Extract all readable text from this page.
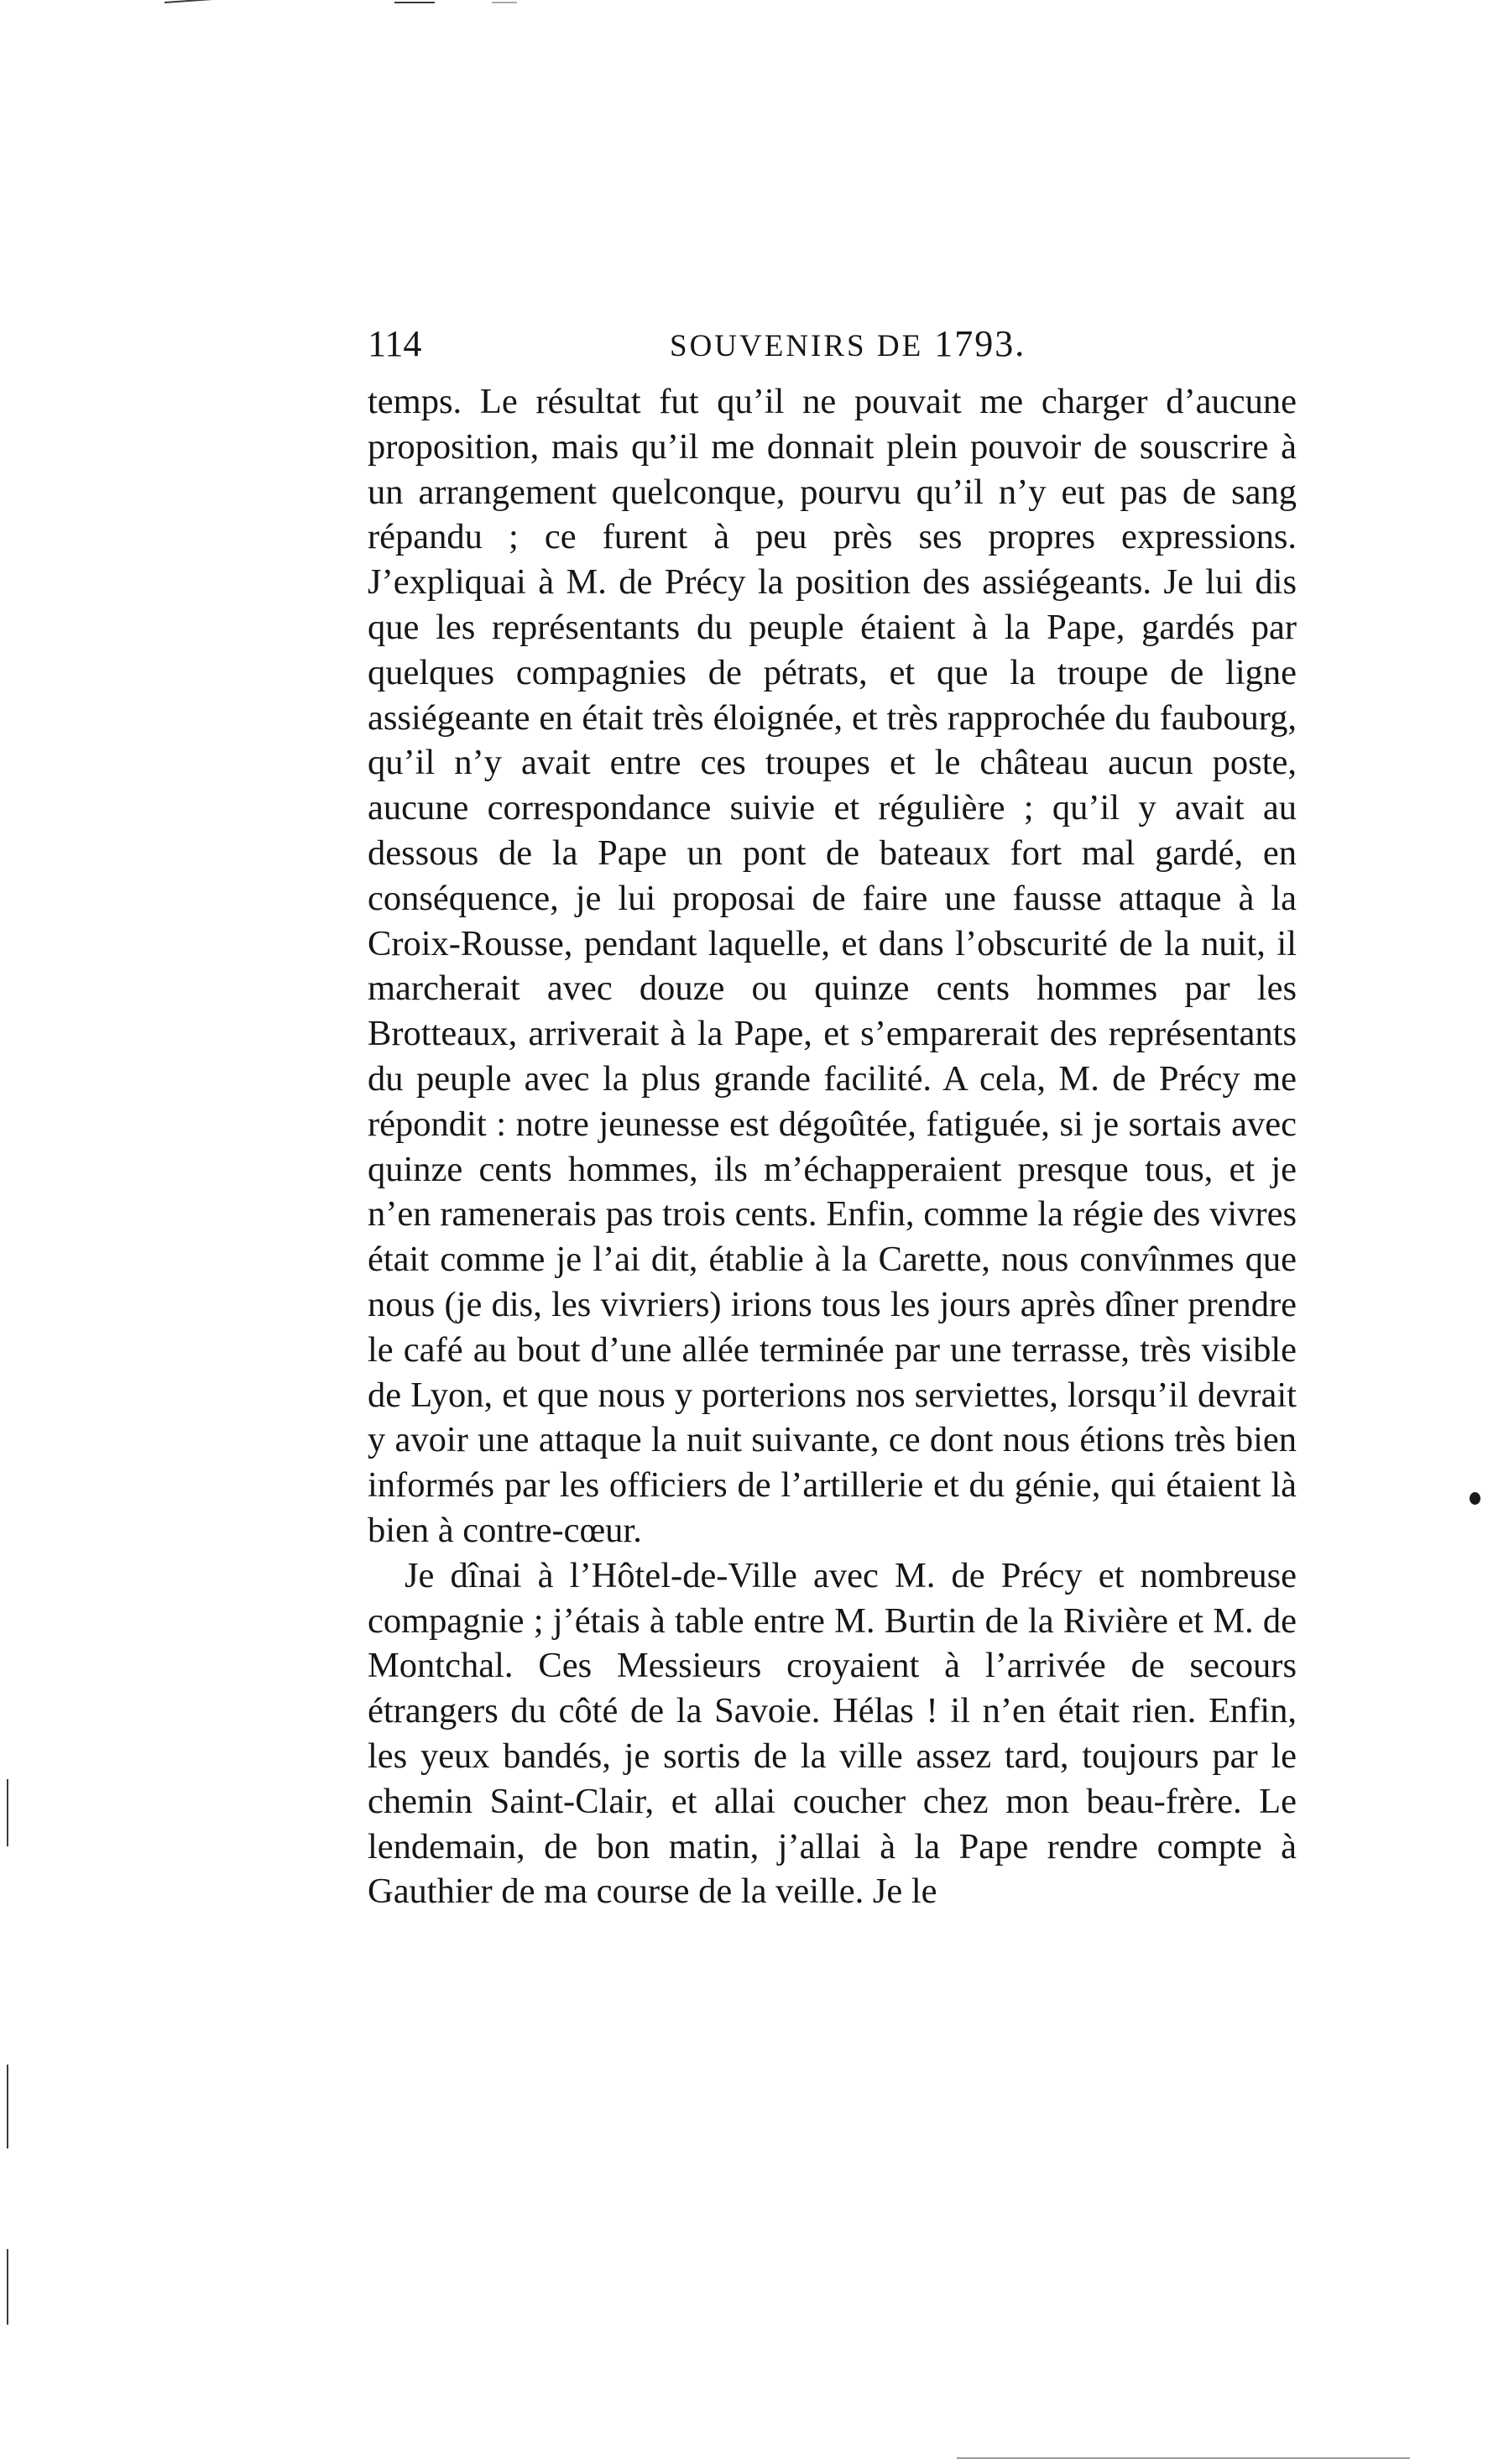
114	SOUVENIRS DE 1793.

temps. Le résultat fut qu’il ne pouvait me charger d’aucune proposition, mais qu’il me donnait plein pouvoir de souscrire à un arrangement quelconque, pourvu qu’il n’y eut pas de sang répandu ; ce furent à peu près ses propres expressions. J’expliquai à M. de Précy la position des assiégeants. Je lui dis que les représentants du peuple étaient à la Pape, gardés par quelques compagnies de pétrats, et que la troupe de ligne assiégeante en était très éloignée, et très rapprochée du faubourg, qu’il n’y avait entre ces troupes et le château aucun poste, aucune correspondance suivie et régulière ; qu’il y avait au dessous de la Pape un pont de bateaux fort mal gardé, en conséquence, je lui proposai de faire une fausse attaque à la Croix-Rousse, pendant laquelle, et dans l’obscurité de la nuit, il marcherait avec douze ou quinze cents hommes par les Brotteaux, arriverait à la Pape, et s’emparerait des représentants du peuple avec la plus grande facilité. A cela, M. de Précy me répondit : notre jeunesse est dégoûtée, fatiguée, si je sortais avec quinze cents hommes, ils m’échapperaient presque tous, et je n’en ramenerais pas trois cents. Enfin, comme la régie des vivres était comme je l’ai dit, établie à la Carette, nous convînmes que nous (je dis, les vivriers) irions tous les jours après dîner prendre le café au bout d’une allée terminée par une terrasse, très visible de Lyon, et que nous y porterions nos serviettes, lorsqu’il devrait y avoir une attaque la nuit suivante, ce dont nous étions très bien informés par les officiers de l’artillerie et du génie, qui étaient là bien à contre-cœur.

Je dînai à l’Hôtel-de-Ville avec M. de Précy et nombreuse compagnie ; j’étais à table entre M. Burtin de la Rivière et M. de Montchal. Ces Messieurs croyaient à l’arrivée de secours étrangers du côté de la Savoie. Hélas ! il n’en était rien. Enfin, les yeux bandés, je sortis de la ville assez tard, toujours par le chemin Saint-Clair, et allai coucher chez mon beau-frère. Le lendemain, de bon matin, j’allai à la Pape rendre compte à Gauthier de ma course de la veille. Je le
